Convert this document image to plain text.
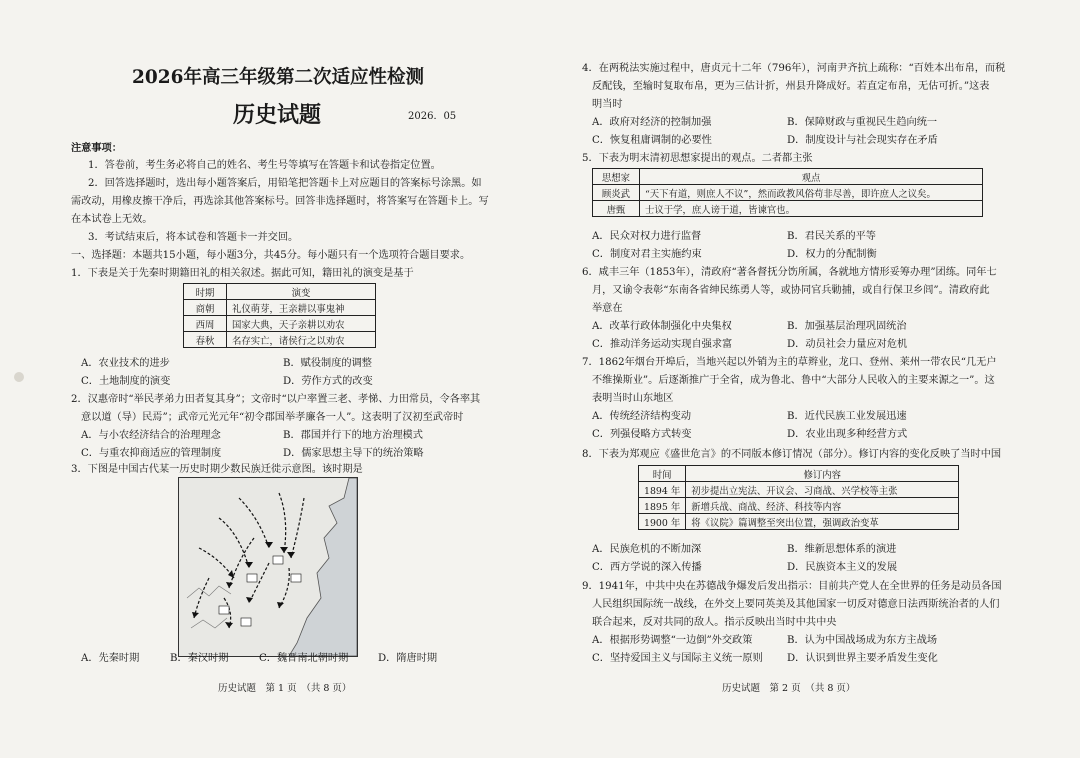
2026年高三年级第二次适应性检测
历史试题	2026．05
注意事项：
1．答卷前，考生务必将自己的姓名、考生号等填写在答题卡和试卷指定位置。
2．回答选择题时，选出每小题答案后，用铅笔把答题卡上对应题目的答案标号涂黑。如
需改动，用橡皮擦干净后，再选涂其他答案标号。回答非选择题时，将答案写在答题卡上。写
在本试卷上无效。
3．考试结束后，将本试卷和答题卡一并交回。
一、选择题：本题共15小题，每小题3分，共45分。每小题只有一个选项符合题目要求。
1．下表是关于先秦时期籍田礼的相关叙述。据此可知，籍田礼的演变是基于
时期	演变
商朝	礼仪萌芽，王亲耕以事鬼神
西周	国家大典，天子亲耕以劝农
春秋	名存实亡，诸侯行之以劝农
A．农业技术的进步	B．赋役制度的调整
C．土地制度的演变	D．劳作方式的改变
2．汉惠帝时“举民孝弟力田者复其身”；文帝时“以户率置三老、孝悌、力田常员，令各率其
意以道（导）民焉”；武帝元光元年“初令郡国举孝廉各一人”。这表明了汉初至武帝时
A．与小农经济结合的治理理念	B．郡国并行下的地方治理模式
C．与重农抑商适应的管理制度	D．儒家思想主导下的统治策略
3．下图是中国古代某一历史时期少数民族迁徙示意图。该时期是
A．先秦时期	B．秦汉时期	C．魏晋南北朝时期	D．隋唐时期
历史试题　第 1 页　（共 8 页）
4．在两税法实施过程中，唐贞元十二年（796年），河南尹齐抗上疏称：“百姓本出布帛，而税
反配钱，至输时复取布帛，更为三估计折，州县升降成好。若直定布帛，无估可折。”这表
明当时
A．政府对经济的控制加强	B．保障财政与重视民生趋向统一
C．恢复租庸调制的必要性	D．制度设计与社会现实存在矛盾
5．下表为明末清初思想家提出的观点。二者都主张
思想家	观点
顾炎武	“天下有道，则庶人不议”，然而政教风俗苟非尽善，即许庶人之议矣。
唐甄	士议于学，庶人谤于道，皆谏官也。
A．民众对权力进行监督	B．君民关系的平等
C．制度对君主实施约束	D．权力的分配制衡
6．咸丰三年（1853年），清政府“著各督抚分饬所属，各就地方情形妥筹办理”团练。同年七
月，又谕令表彰“东南各省绅民练勇人等，或协同官兵勦捕，或自行保卫乡闾”。清政府此
举意在
A．改革行政体制强化中央集权	B．加强基层治理巩固统治
C．推动洋务运动实现自强求富	D．动员社会力量应对危机
7．1862年烟台开埠后，当地兴起以外销为主的草辫业，龙口、登州、莱州一带农民“几无户
不维操斯业”。后逐渐推广于全省，成为鲁北、鲁中“大部分人民收入的主要来源之一”。这
表明当时山东地区
A．传统经济结构变动	B．近代民族工业发展迅速
C．列强侵略方式转变	D．农业出现多种经营方式
8．下表为郑观应《盛世危言》的不同版本修订情况（部分）。修订内容的变化反映了当时中国
时间	修订内容
1894 年	初步提出立宪法、开议会、习商战、兴学校等主张
1895 年	新增兵战、商战、经济、科技等内容
1900 年	将《议院》篇调整至突出位置，强调政治变革
A．民族危机的不断加深	B．维新思想体系的演进
C．西方学说的深入传播	D．民族资本主义的发展
9．1941年，中共中央在苏德战争爆发后发出指示：目前共产党人在全世界的任务是动员各国
人民组织国际统一战线，在外交上要同英美及其他国家一切反对德意日法西斯统治者的人们
联合起来，反对共同的敌人。指示反映出当时中共中央
A．根据形势调整“一边倒”外交政策	B．认为中国战场成为东方主战场
C．坚持爱国主义与国际主义统一原则 D．认识到世界主要矛盾发生变化
历史试题　第 2 页　（共 8 页）
